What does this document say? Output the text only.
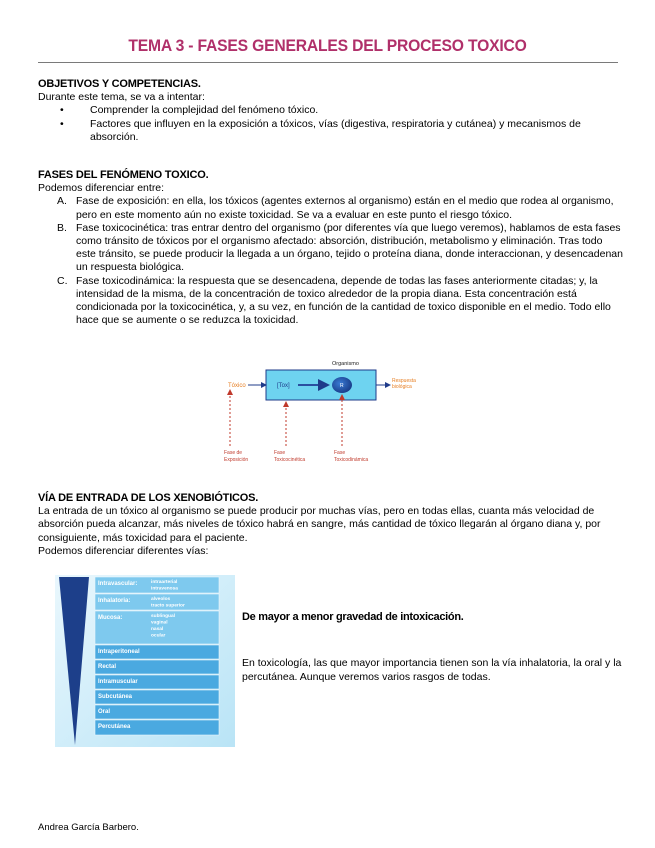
TEMA 3 - FASES GENERALES DEL PROCESO TOXICO
OBJETIVOS Y COMPETENCIAS.
Durante este tema, se va a intentar:
• Comprender la complejidad del fenómeno tóxico.
• Factores que influyen en la exposición a tóxicos, vías (digestiva, respiratoria y cutánea) y mecanismos de absorción.
FASES DEL FENÓMENO TOXICO.
Podemos diferenciar entre:
A. Fase de exposición: en ella, los tóxicos (agentes externos al organismo) están en el medio que rodea al organismo, pero en este momento aún no existe toxicidad. Se va a evaluar en este punto el riesgo tóxico.
B. Fase toxicocinética: tras entrar dentro del organismo (por diferentes vía que luego veremos), hablamos de esta fases como tránsito de tóxicos por el organismo afectado: absorción, distribución, metabolismo y eliminación. Tras todo este tránsito, se puede producir la llegada a un órgano, tejido o proteína diana, donde interaccionan, y desencadenan un respuesta biológica.
C. Fase toxicodinámica: la respuesta que se desencadena, depende de todas las fases anteriormente citadas; y, la intensidad de la misma, de la concentración de toxico alrededor de la propia diana. Esta concentración está condicionada por la toxicocinética, y, a su vez, en función de la cantidad de toxico disponible en el medio. Todo ello hace que se aumente o se reduzca la toxicidad.
Organismo
Tóxico	[Tox]	R
Respuesta
biológica
Fase de
Exposición
Fase
Toxicocinética
Fase
Toxicodinámica
VÍA DE ENTRADA DE LOS XENOBIÓTICOS.
La entrada de un tóxico al organismo se puede producir por muchas vías, pero en todas ellas, cuanta más velocidad de absorción pueda alcanzar, más niveles de tóxico habrá en sangre, más cantidad de tóxico llegarán al órgano diana y, por consiguiente, más toxicidad para el paciente.
Podemos diferenciar diferentes vías:
Intravascular:	intraarterial
intravenosa
Inhalatoria:	alveolos
tracto superior
Mucosa:	sublingual
vaginal
nasal
ocular
Intraperitoneal
Rectal
Intramuscular
Subcutánea
Oral
Percutánea
De mayor a menor gravedad de intoxicación.
En toxicología, las que mayor importancia tienen son la vía inhalatoria, la oral y la percutánea. Aunque veremos varios rasgos de todas.
Andrea García Barbero.
